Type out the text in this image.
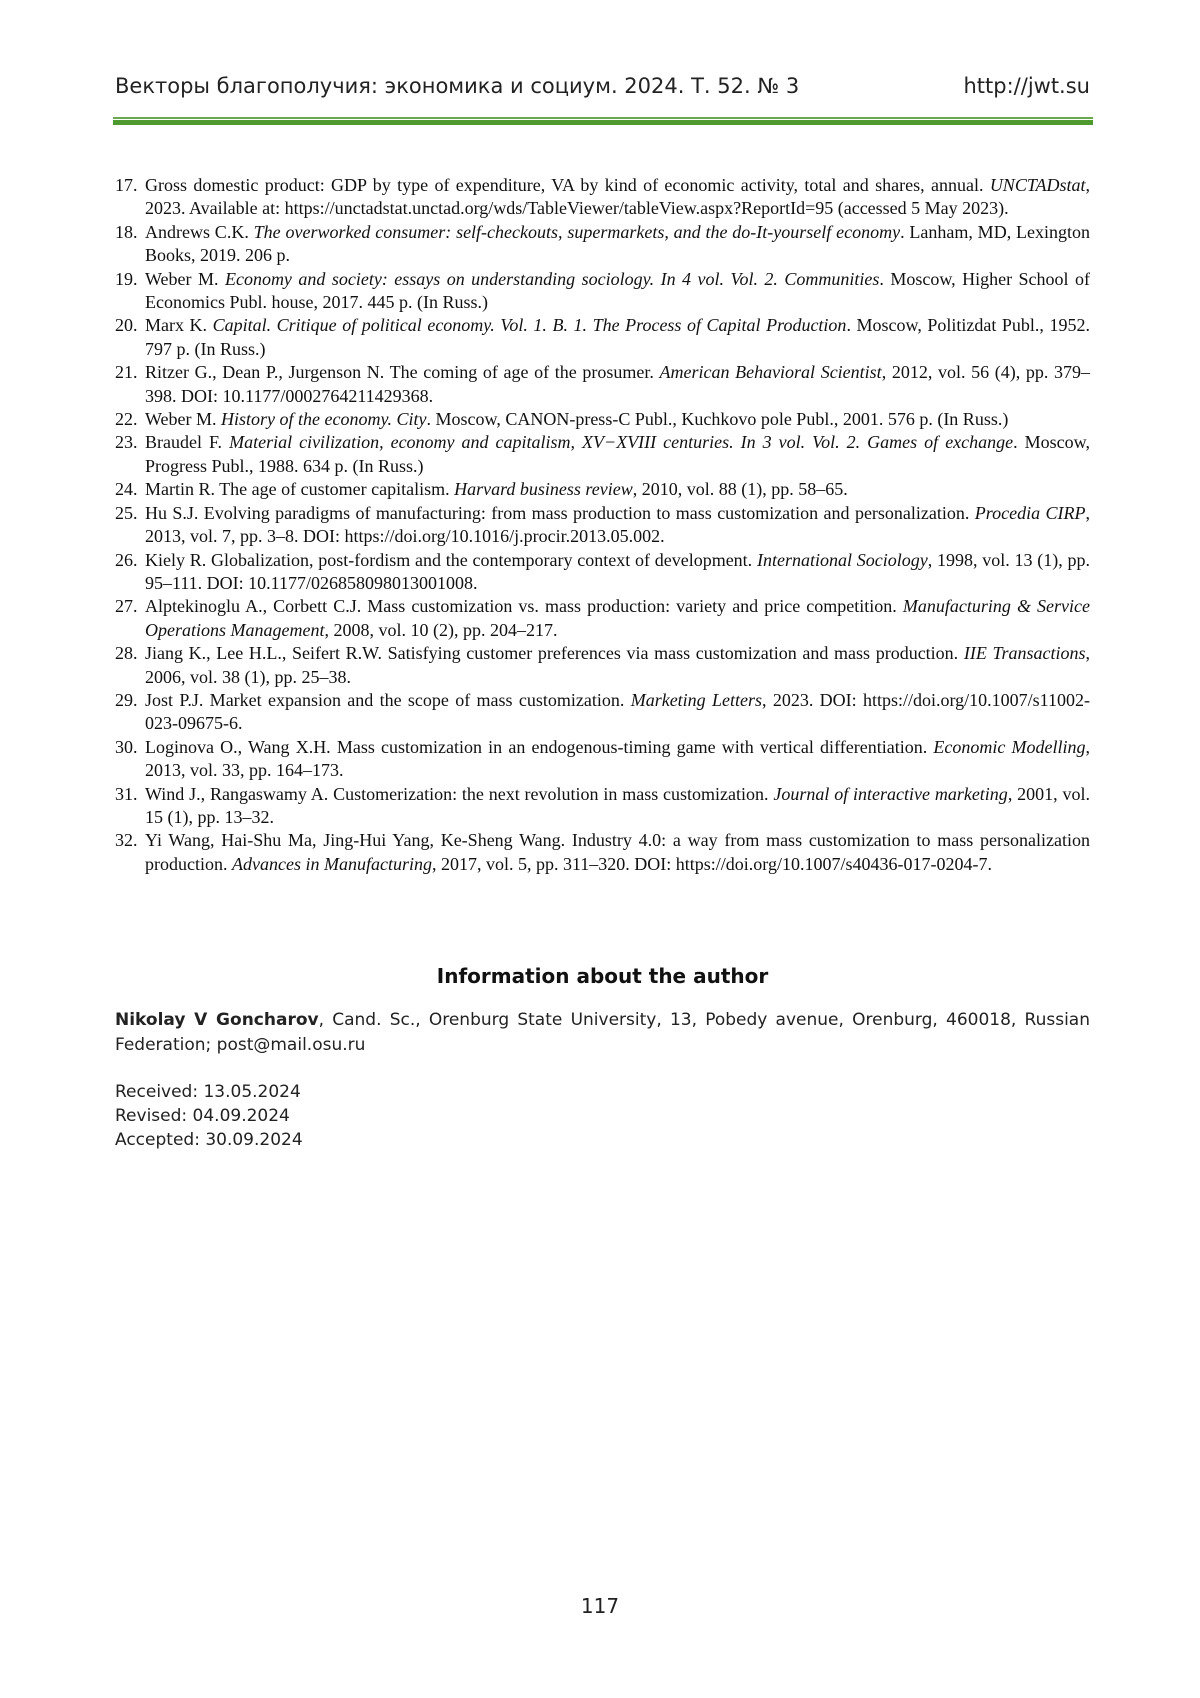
Векторы благополучия: экономика и социум. 2024. Т. 52. № 3	http://jwt.su
17. Gross domestic product: GDP by type of expenditure, VA by kind of economic activity, total and shares, annual. UNCTADstat, 2023. Available at: https://unctadstat.unctad.org/wds/TableViewer/tableView.aspx?ReportId=95 (accessed 5 May 2023).
18. Andrews C.K. The overworked consumer: self-checkouts, supermarkets, and the do-It-yourself economy. Lanham, MD, Lexington Books, 2019. 206 p.
19. Weber M. Economy and society: essays on understanding sociology. In 4 vol. Vol. 2. Communities. Moscow, Higher School of Economics Publ. house, 2017. 445 p. (In Russ.)
20. Marx K. Capital. Critique of political economy. Vol. 1. B. 1. The Process of Capital Production. Moscow, Politizdat Publ., 1952. 797 p. (In Russ.)
21. Ritzer G., Dean P., Jurgenson N. The coming of age of the prosumer. American Behavioral Scientist, 2012, vol. 56 (4), pp. 379–398. DOI: 10.1177/0002764211429368.
22. Weber M. History of the economy. City. Moscow, CANON-press-C Publ., Kuchkovo pole Publ., 2001. 576 p. (In Russ.)
23. Braudel F. Material civilization, economy and capitalism, XV−XVIII centuries. In 3 vol. Vol. 2. Games of exchange. Moscow, Progress Publ., 1988. 634 p. (In Russ.)
24. Martin R. The age of customer capitalism. Harvard business review, 2010, vol. 88 (1), pp. 58–65.
25. Hu S.J. Evolving paradigms of manufacturing: from mass production to mass customization and personalization. Procedia CIRP, 2013, vol. 7, pp. 3–8. DOI: https://doi.org/10.1016/j.procir.2013.05.002.
26. Kiely R. Globalization, post-fordism and the contemporary context of development. International Sociology, 1998, vol. 13 (1), pp. 95–111. DOI: 10.1177/026858098013001008.
27. Alptekinoglu A., Corbett C.J. Mass customization vs. mass production: variety and price competition. Manufacturing & Service Operations Management, 2008, vol. 10 (2), pp. 204–217.
28. Jiang K., Lee H.L., Seifert R.W. Satisfying customer preferences via mass customization and mass production. IIE Transactions, 2006, vol. 38 (1), pp. 25–38.
29. Jost P.J. Market expansion and the scope of mass customization. Marketing Letters, 2023. DOI: https://doi.org/10.1007/s11002-023-09675-6.
30. Loginova O., Wang X.H. Mass customization in an endogenous-timing game with vertical differentiation. Economic Modelling, 2013, vol. 33, pp. 164–173.
31. Wind J., Rangaswamy A. Customerization: the next revolution in mass customization. Journal of interactive marketing, 2001, vol. 15 (1), pp. 13–32.
32. Yi Wang, Hai-Shu Ma, Jing-Hui Yang, Ke-Sheng Wang. Industry 4.0: a way from mass customization to mass personalization production. Advances in Manufacturing, 2017, vol. 5, pp. 311–320. DOI: https://doi.org/10.1007/s40436-017-0204-7.
Information about the author
Nikolay V Goncharov, Cand. Sc., Orenburg State University, 13, Pobedy avenue, Orenburg, 460018, Russian Federation; post@mail.osu.ru
Received: 13.05.2024
Revised: 04.09.2024
Accepted: 30.09.2024
117
